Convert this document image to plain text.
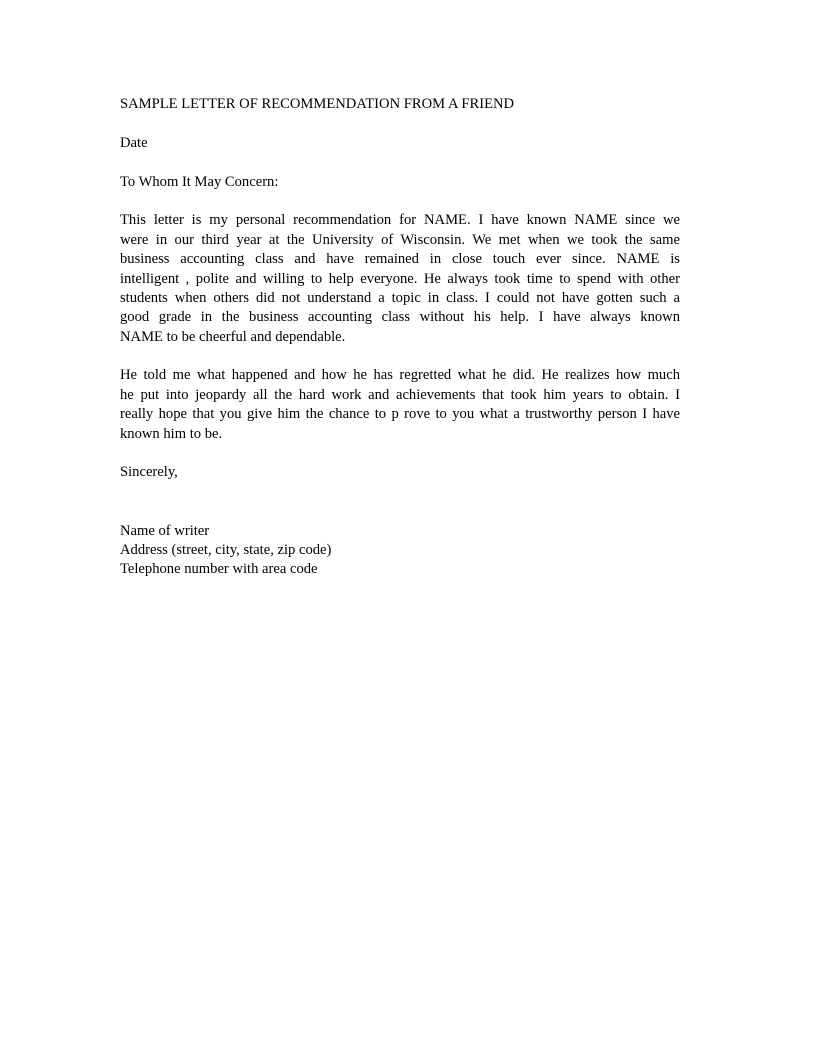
SAMPLE LETTER OF RECOMMENDATION FROM A FRIEND
Date
To Whom It May Concern:
This letter is my personal recommendation for NAME. I have known NAME since we
were in our third year at the University of Wisconsin. We met when we took the same
business accounting class and have remained in close touch ever since. NAME is
intelligent , polite and willing to help everyone. He always took time to spend with other
students when others did not understand a topic in class. I could not have gotten such a
good grade in the business accounting class without his help. I have always known
NAME to be cheerful and dependable.
He told me what happened and how he has regretted what he did. He realizes how much
he put into jeopardy all the hard work and achievements that took him years to obtain. I
really hope that you give him the chance to p rove to you what a trustworthy person I have
known him to be.
Sincerely,
Name of writer
Address (street, city, state, zip code)
Telephone number with area code
